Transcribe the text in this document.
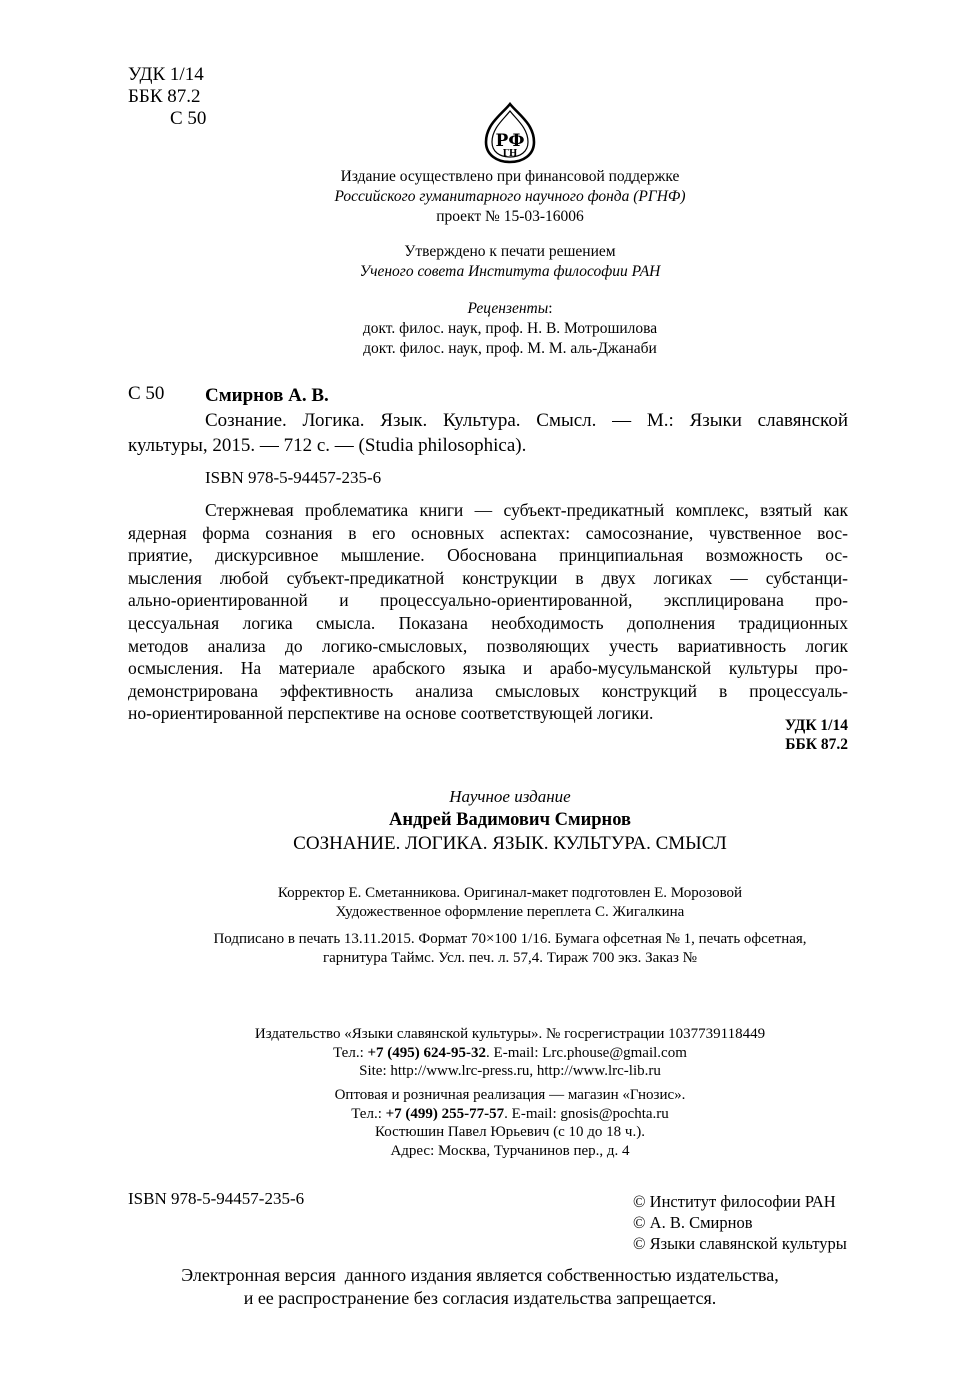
УДК 1/14
ББК 87.2
С 50
РФ
ГН
Издание осуществлено при финансовой поддержке
Российского гуманитарного научного фонда (РГНФ)
проект № 15-03-16006
Утверждено к печати решением
Ученого совета Института философии РАН
Рецензенты:
докт. филос. наук, проф. Н. В. Мотрошилова
докт. филос. наук, проф. М. М. аль-Джанаби
С 50 Смирнов А. В.
Сознание. Логика. Язык. Культура. Смысл. — М.: Языки славянской
культуры, 2015. — 712 с. — (Studia philosophica).
ISBN 978-5-94457-235-6
Стержневая проблематика книги — субъект-предикатный комплекс, взятый как
ядерная форма сознания в его основных аспектах: самосознание, чувственное вос-
приятие, дискурсивное мышление. Обоснована принципиальная возможность ос-
мысления любой субъект-предикатной конструкции в двух логиках — субстанци-
ально-ориентированной и процессуально-ориентированной, эксплицирована про-
цессуальная логика смысла. Показана необходимость дополнения традиционных
методов анализа до логико-смысловых, позволяющих учесть вариативность логик
осмысления. На материале арабского языка и арабо-мусульманской культуры про-
демонстрирована эффективность анализа смысловых конструкций в процессуаль-
но-ориентированной перспективе на основе соответствующей логики.
УДК 1/14
ББК 87.2
Научное издание
Андрей Вадимович Смирнов
СОЗНАНИЕ. ЛОГИКА. ЯЗЫК. КУЛЬТУРА. СМЫСЛ
Корректор Е. Сметанникова. Оригинал-макет подготовлен Е. Морозовой
Художественное оформление переплета С. Жигалкина
Подписано в печать 13.11.2015. Формат 70×100 1/16. Бумага офсетная № 1, печать офсетная,
гарнитура Таймс. Усл. печ. л. 57,4. Тираж 700 экз. Заказ №
Издательство «Языки славянской культуры». № госрегистрации 1037739118449
Тел.: +7 (495) 624-95-32. E-mail: Lrc.phouse@gmail.com
Site: http://www.lrc-press.ru, http://www.lrc-lib.ru
Оптовая и розничная реализация — магазин «Гнозис».
Тел.: +7 (499) 255-77-57. E-mail: gnosis@pochta.ru
Костюшин Павел Юрьевич (с 10 до 18 ч.).
Адрес: Москва, Турчанинов пер., д. 4
ISBN 978-5-94457-235-6	© Институт философии РАН
© А. В. Смирнов
© Языки славянской культуры
Электронная версия  данного издания является собственностью издательства,
и ее распространение без согласия издательства запрещается.
